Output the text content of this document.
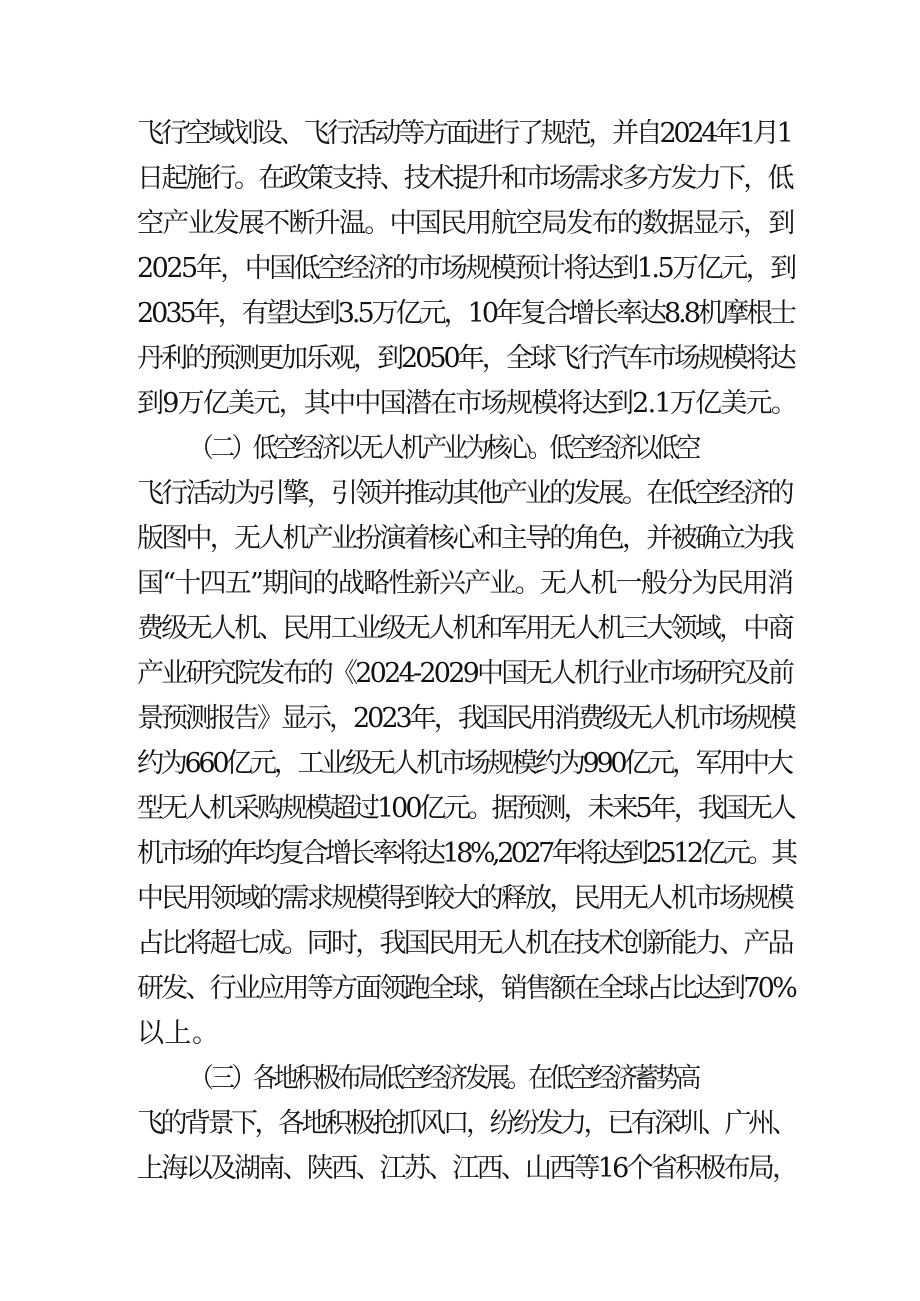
飞行空域划设、飞行活动等方面进行了规范，并自2024年1月1
日起施行。在政策支持、技术提升和市场需求多方发力下，低
空产业发展不断升温。中国民用航空局发布的数据显示，到
2025年，中国低空经济的市场规模预计将达到1.5万亿元，到
2035年，有望达到3.5万亿元，10年复合增长率达8.8机摩根士
丹利的预测更加乐观，到2050年，全球飞行汽车市场规模将达
到9万亿美元，其中中国潜在市场规模将达到2.1万亿美元。
（二）低空经济以无人机产业为核心。低空经济以低空
飞行活动为引擎，引领并推动其他产业的发展。在低空经济的
版图中，无人机产业扮演着核心和主导的角色，并被确立为我
国“十四五”期间的战略性新兴产业。无人机一般分为民用消
费级无人机、民用工业级无人机和军用无人机三大领域，中商
产业研究院发布的《2024-2029中国无人机行业市场研究及前
景预测报告》显示，2023年，我国民用消费级无人机市场规模
约为660亿元，工业级无人机市场规模约为990亿元，军用中大
型无人机采购规模超过100亿元。据预测，未来5年，我国无人
机市场的年均复合增长率将达18%,2027年将达到2512亿元。其
中民用领域的需求规模得到较大的释放，民用无人机市场规模
占比将超七成。同时，我国民用无人机在技术创新能力、产品
研发、行业应用等方面领跑全球，销售额在全球占比达到70%
以上。
（三）各地积极布局低空经济发展。在低空经济蓄势高
飞的背景下，各地积极抢抓风口，纷纷发力，已有深圳、广州、
上海以及湖南、陕西、江苏、江西、山西等16个省积极布局，
